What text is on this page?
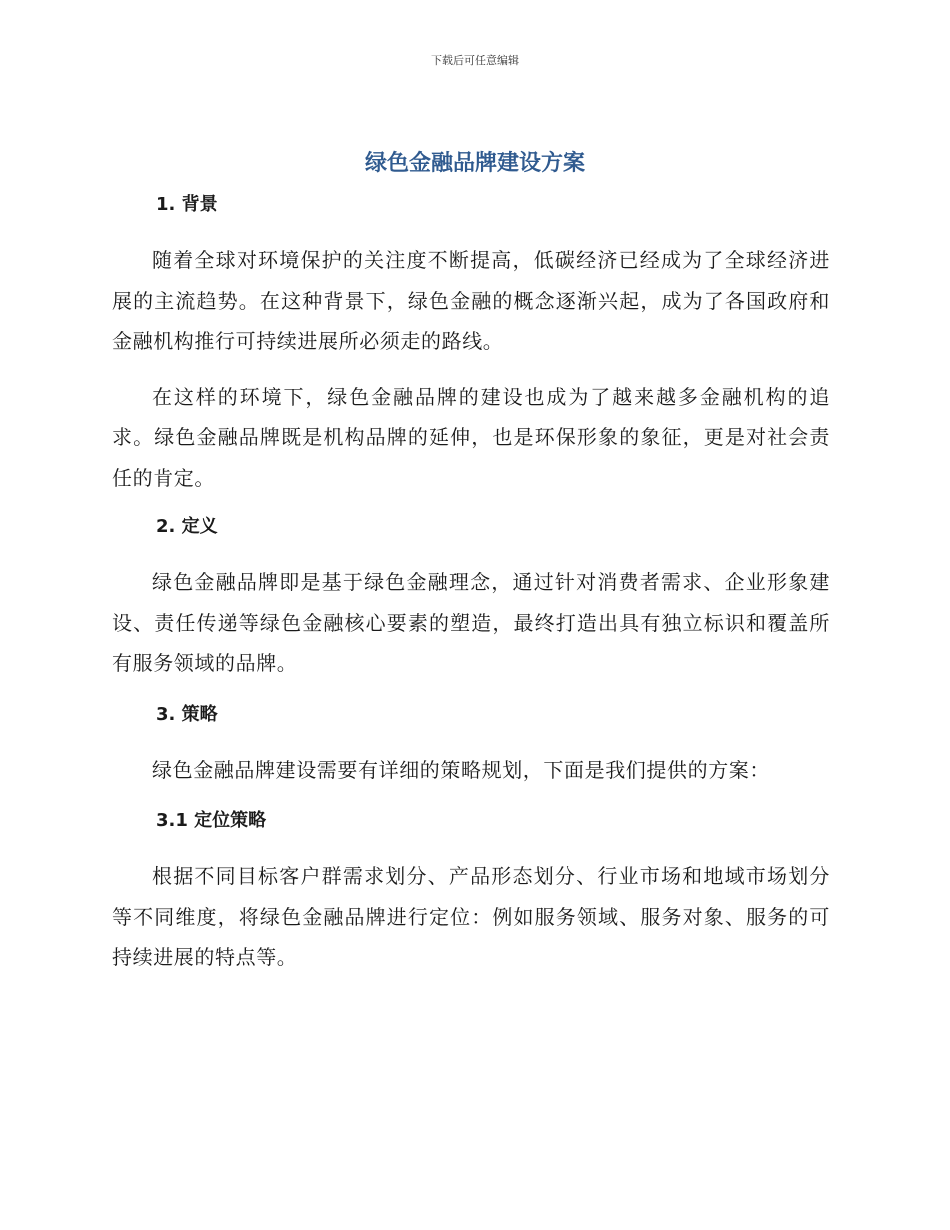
下载后可任意编辑
绿色金融品牌建设方案
1. 背景

随着全球对环境保护的关注度不断提高，低碳经济已经成为了全球经济进展的主流趋势。在这种背景下，绿色金融的概念逐渐兴起，成为了各国政府和金融机构推行可持续进展所必须走的路线。

在这样的环境下，绿色金融品牌的建设也成为了越来越多金融机构的追求。绿色金融品牌既是机构品牌的延伸，也是环保形象的象征，更是对社会责任的肯定。

2. 定义

绿色金融品牌即是基于绿色金融理念，通过针对消费者需求、企业形象建设、责任传递等绿色金融核心要素的塑造，最终打造出具有独立标识和覆盖所有服务领域的品牌。

3. 策略

绿色金融品牌建设需要有详细的策略规划，下面是我们提供的方案：

3.1 定位策略

根据不同目标客户群需求划分、产品形态划分、行业市场和地域市场划分等不同维度，将绿色金融品牌进行定位：例如服务领域、服务对象、服务的可持续进展的特点等。
